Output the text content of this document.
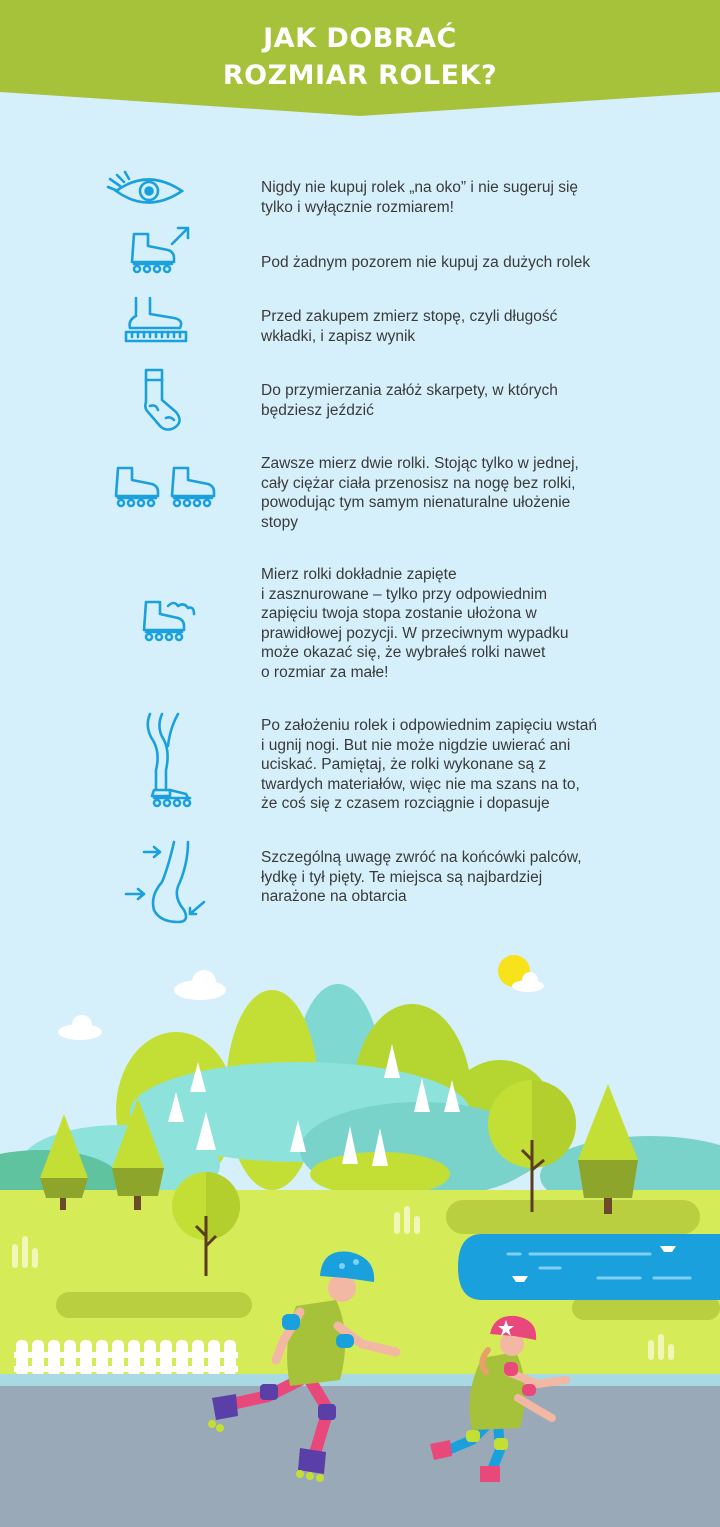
JAK DOBRAĆ
ROZMIAR ROLEK?
Nigdy nie kupuj rolek „na oko” i nie sugeruj się
tylko i wyłącznie rozmiarem!
Pod żadnym pozorem nie kupuj za dużych rolek
Przed zakupem zmierz stopę, czyli długość
wkładki, i zapisz wynik
Do przymierzania załóż skarpety, w których
będziesz jeździć
Zawsze mierz dwie rolki. Stojąc tylko w jednej,
cały ciężar ciała przenosisz na nogę bez rolki,
powodując tym samym nienaturalne ułożenie
stopy
Mierz rolki dokładnie zapięte
i zasznurowane – tylko przy odpowiednim
zapięciu twoja stopa zostanie ułożona w
prawidłowej pozycji. W przeciwnym wypadku
może okazać się, że wybrałeś rolki nawet
o rozmiar za małe!
Po założeniu rolek i odpowiednim zapięciu wstań
i ugnij nogi. But nie może nigdzie uwierać ani
uciskać. Pamiętaj, że rolki wykonane są z
twardych materiałów, więc nie ma szans na to,
że coś się z czasem rozciągnie i dopasuje
Szczególną uwagę zwróć na końcówki palców,
łydkę i tył pięty. Te miejsca są najbardziej
narażone na obtarcia
